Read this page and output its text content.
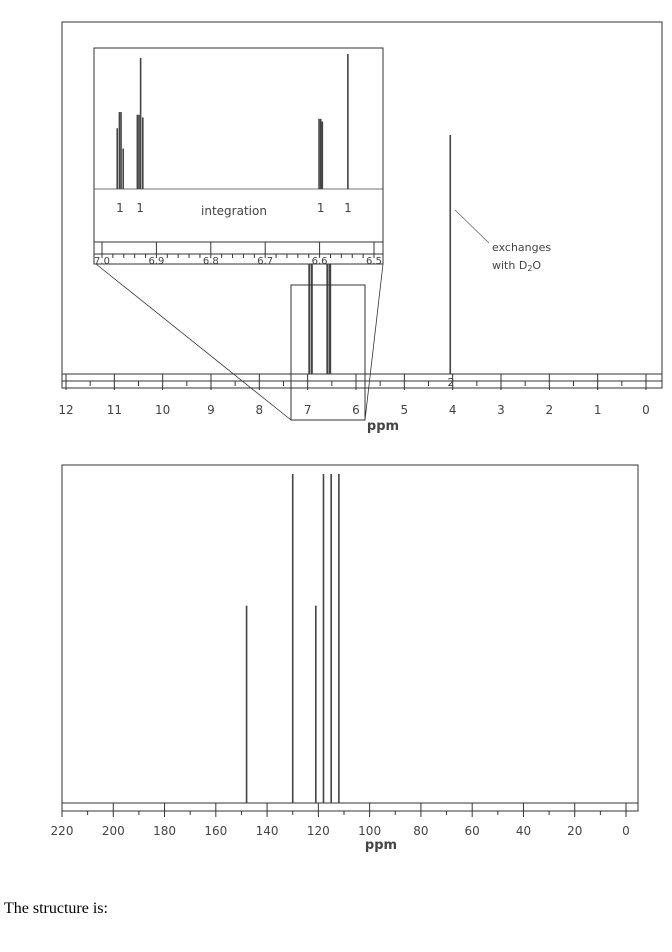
12	11	10	9	8	7	6	5	4	3	2	1	0
ppm
2
exchanges
with D2O
7.0	6.9	6.8	6.7	6.6	6.5
1 1	1 1
integration
220 200 180 160 140 120 100	80	60	40	20	0
ppm
The structure is:
